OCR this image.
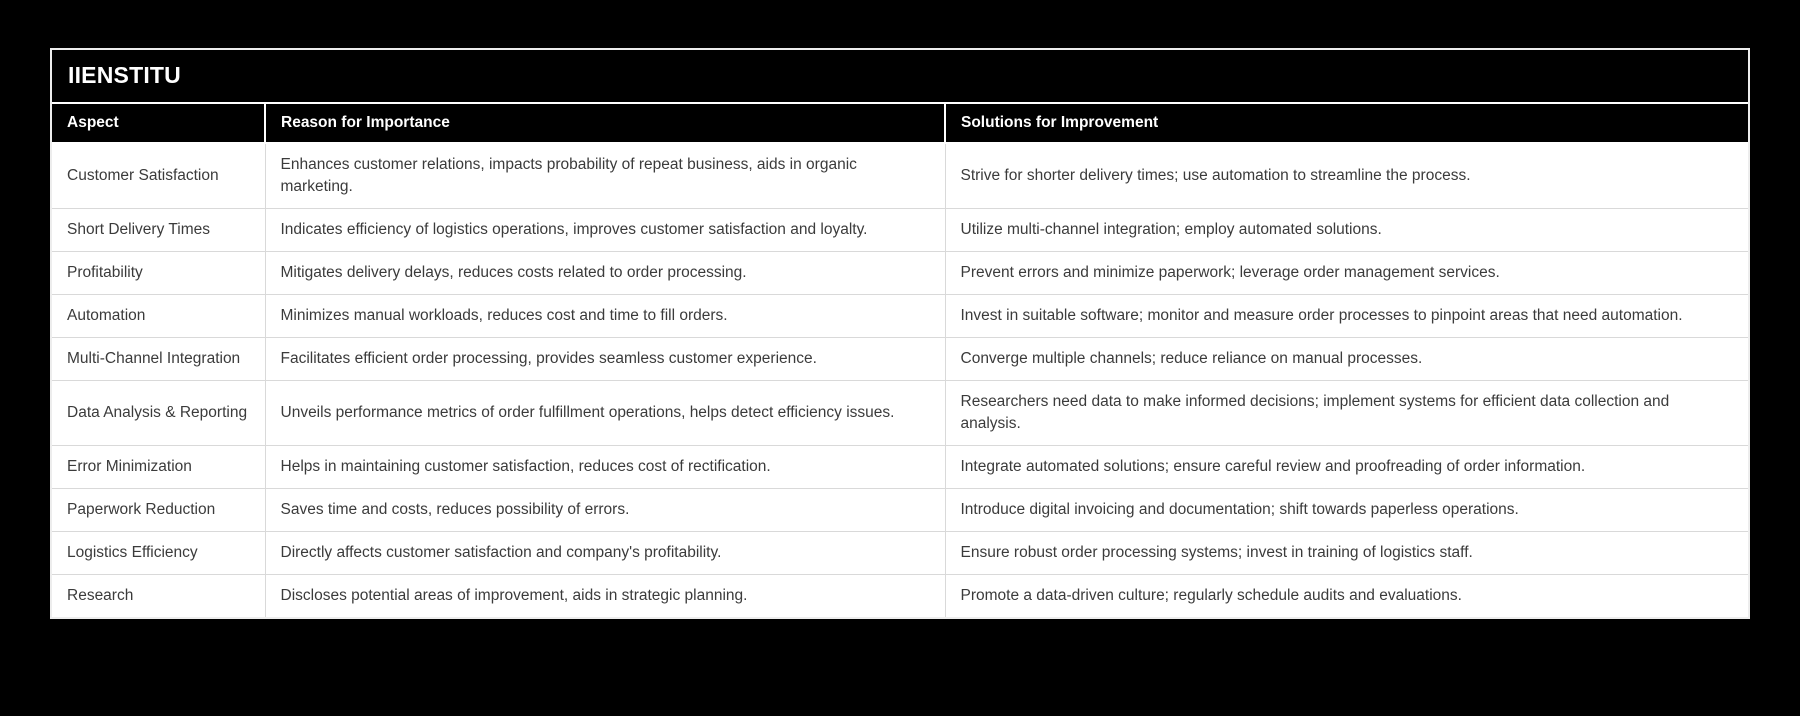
IIENSTITU
Aspect	Reason for Importance	Solutions for Improvement
Customer Satisfaction	Enhances customer relations, impacts probability of repeat business, aids in organic marketing.	Strive for shorter delivery times; use automation to streamline the process.
Short Delivery Times	Indicates efficiency of logistics operations, improves customer satisfaction and loyalty.	Utilize multi-channel integration; employ automated solutions.
Profitability	Mitigates delivery delays, reduces costs related to order processing.	Prevent errors and minimize paperwork; leverage order management services.
Automation	Minimizes manual workloads, reduces cost and time to fill orders.	Invest in suitable software; monitor and measure order processes to pinpoint areas that need automation.
Multi-Channel Integration	Facilitates efficient order processing, provides seamless customer experience.	Converge multiple channels; reduce reliance on manual processes.
Data Analysis & Reporting	Unveils performance metrics of order fulfillment operations, helps detect efficiency issues.	Researchers need data to make informed decisions; implement systems for efficient data collection and analysis.
Error Minimization	Helps in maintaining customer satisfaction, reduces cost of rectification.	Integrate automated solutions; ensure careful review and proofreading of order information.
Paperwork Reduction	Saves time and costs, reduces possibility of errors.	Introduce digital invoicing and documentation; shift towards paperless operations.
Logistics Efficiency	Directly affects customer satisfaction and company's profitability.	Ensure robust order processing systems; invest in training of logistics staff.
Research	Discloses potential areas of improvement, aids in strategic planning.	Promote a data-driven culture; regularly schedule audits and evaluations.
